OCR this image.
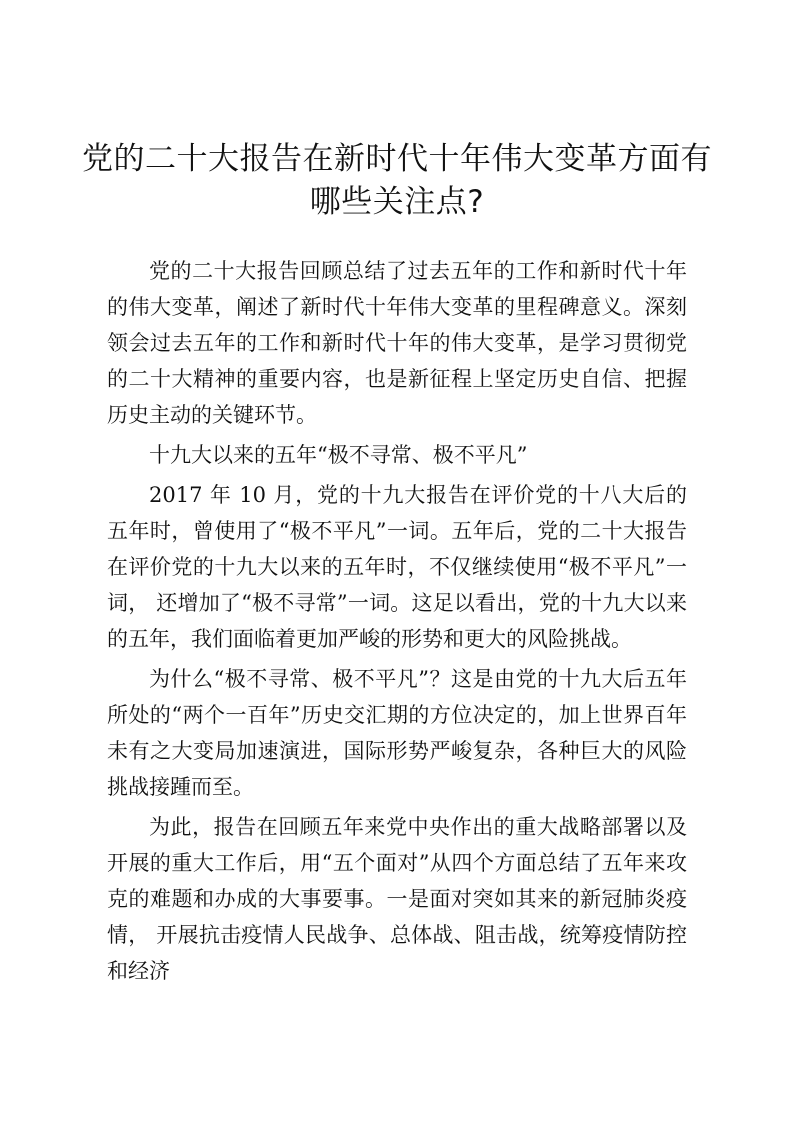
党的二十大报告在新时代十年伟大变革方面有哪些关注点?

党的二十大报告回顾总结了过去五年的工作和新时代十年 的伟大变革，阐述了新时代十年伟大变革的里程碑意义。深刻领会过去五年的工作和新时代十年的伟大变革，是学习贯彻党的二十大精神的重要内容，也是新征程上坚定历史自信、把握历史主动的关键环节。

十九大以来的五年“极不寻常、极不平凡”

2017 年 10 月，党的十九大报告在评价党的十八大后的五年时，曾使用了“极不平凡”一词。五年后，党的二十大报告在评价党的十九大以来的五年时，不仅继续使用“极不平凡”一词， 还增加了“极不寻常”一词。这足以看出，党的十九大以来的五年，我们面临着更加严峻的形势和更大的风险挑战。

为什么“极不寻常、极不平凡”？这是由党的十九大后五年所处的“两个一百年”历史交汇期的方位决定的，加上世界百年未有之大变局加速演进，国际形势严峻复杂，各种巨大的风险挑战接踵而至。

为此，报告在回顾五年来党中央作出的重大战略部署以及开展的重大工作后，用“五个面对”从四个方面总结了五年来攻克的难题和办成的大事要事。一是面对突如其来的新冠肺炎疫情， 开展抗击疫情人民战争、总体战、阻击战，统筹疫情防控和经济
